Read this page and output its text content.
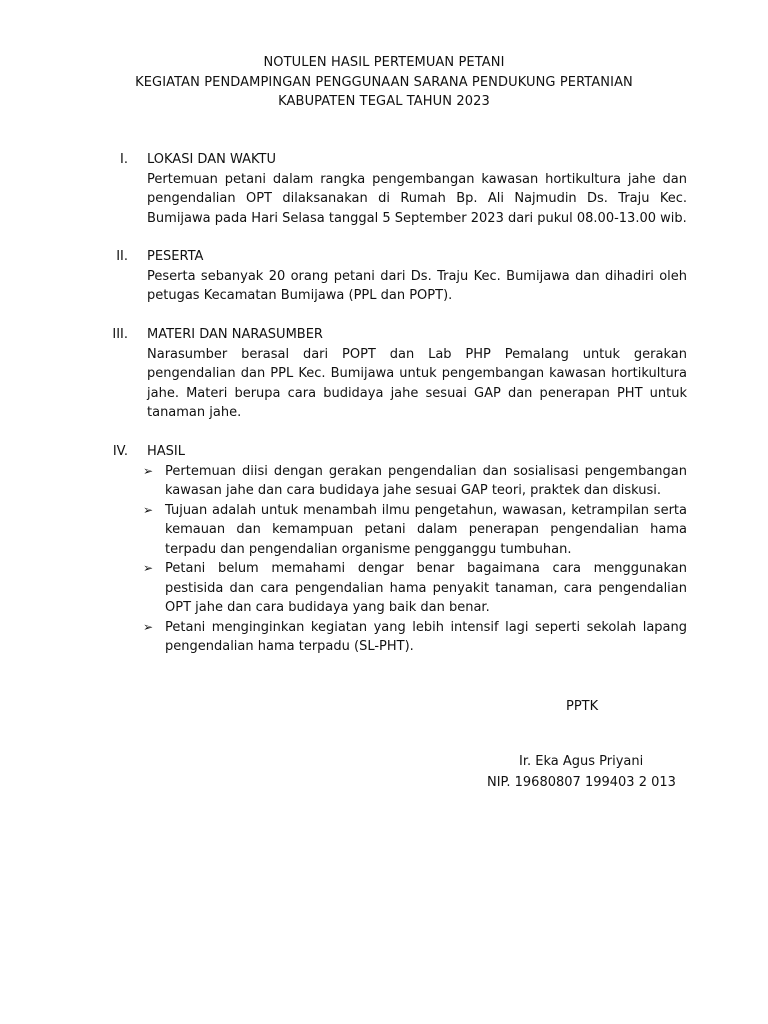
NOTULEN HASIL PERTEMUAN PETANI
KEGIATAN PENDAMPINGAN PENGGUNAAN SARANA PENDUKUNG PERTANIAN
KABUPATEN TEGAL TAHUN 2023
I. LOKASI DAN WAKTU
Pertemuan petani dalam rangka pengembangan kawasan hortikultura jahe dan pengendalian OPT dilaksanakan di Rumah Bp. Ali Najmudin Ds. Traju Kec. Bumijawa pada Hari Selasa tanggal 5 September 2023 dari pukul 08.00-13.00 wib.
II. PESERTA
Peserta sebanyak 20 orang petani dari Ds. Traju Kec. Bumijawa dan dihadiri oleh petugas Kecamatan Bumijawa (PPL dan POPT).
III. MATERI DAN NARASUMBER
Narasumber berasal dari POPT dan Lab PHP Pemalang untuk gerakan pengendalian dan PPL Kec. Bumijawa untuk pengembangan kawasan hortikultura jahe. Materi berupa cara budidaya jahe sesuai GAP dan penerapan PHT untuk tanaman jahe.
IV. HASIL
➢ Pertemuan diisi dengan gerakan pengendalian dan sosialisasi pengembangan kawasan jahe dan cara budidaya jahe sesuai GAP teori, praktek dan diskusi.
➢ Tujuan adalah untuk menambah ilmu pengetahun, wawasan, ketrampilan serta kemauan dan kemampuan petani dalam penerapan pengendalian hama terpadu dan pengendalian organisme pengganggu tumbuhan.
➢ Petani belum memahami dengar benar bagaimana cara menggunakan pestisida dan cara pengendalian hama penyakit tanaman, cara pengendalian OPT jahe dan cara budidaya yang baik dan benar.
➢ Petani menginginkan kegiatan yang lebih intensif lagi seperti sekolah lapang pengendalian hama terpadu (SL-PHT).
PPTK
Ir. Eka Agus Priyani
NIP. 19680807 199403 2 013
